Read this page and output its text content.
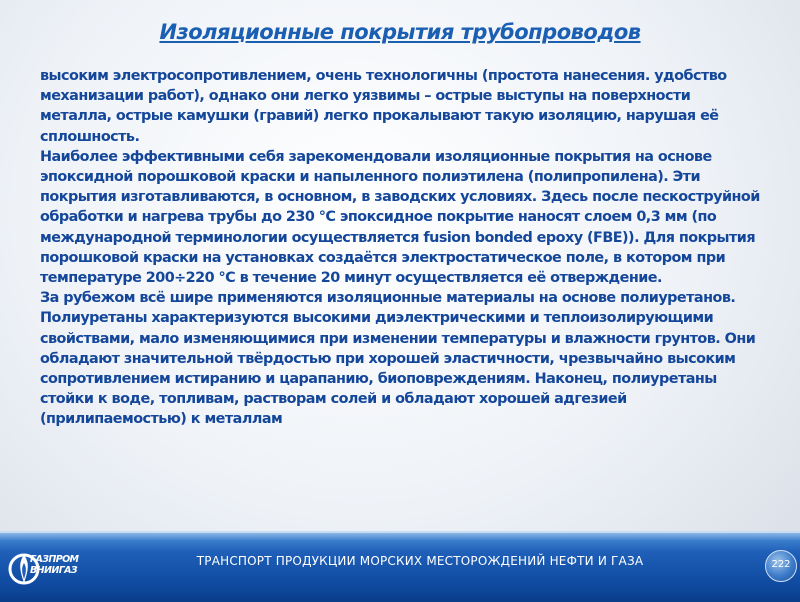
Изоляционные покрытия трубопроводов

высоким электросопротивлением, очень технологичны (простота нанесения. удобство механизации работ), однако они легко уязвимы – острые выступы на поверхности металла, острые камушки (гравий) легко прокалывают такую изоляцию, нарушая её сплошность.

Наиболее эффективными себя зарекомендовали изоляционные покрытия на основе эпоксидной порошковой краски и напыленного полиэтилена (полипропилена). Эти покрытия изготавливаются, в основном, в заводских условиях. Здесь после пескоструйной обработки и нагрева трубы до 230 °С эпоксидное покрытие наносят слоем 0,3 мм (по международной терминологии осуществляется fusion bonded epoxy (FBE)). Для покрытия порошковой краски на установках создаётся электростатическое поле, в котором при температуре 200÷220 °С в течение 20 минут осуществляется её отверждение.

За рубежом всё шире применяются изоляционные материалы на основе полиуретанов. Полиуретаны характеризуются высокими диэлектрическими и теплоизолирующими свойствами, мало изменяющимися при изменении температуры и влажности грунтов. Они обладают значительной твёрдостью при хорошей эластичности, чрезвычайно высоким сопротивлением истиранию и царапанию, биоповреждениям. Наконец, полиуретаны стойки к воде, топливам, растворам солей и обладают хорошей адгезией (прилипаемостью) к металлам

ГАЗПРОМ ВНИИГАЗ
ТРАНСПОРТ ПРОДУКЦИИ МОРСКИХ МЕСТОРОЖДЕНИЙ НЕФТИ И ГАЗА	222
